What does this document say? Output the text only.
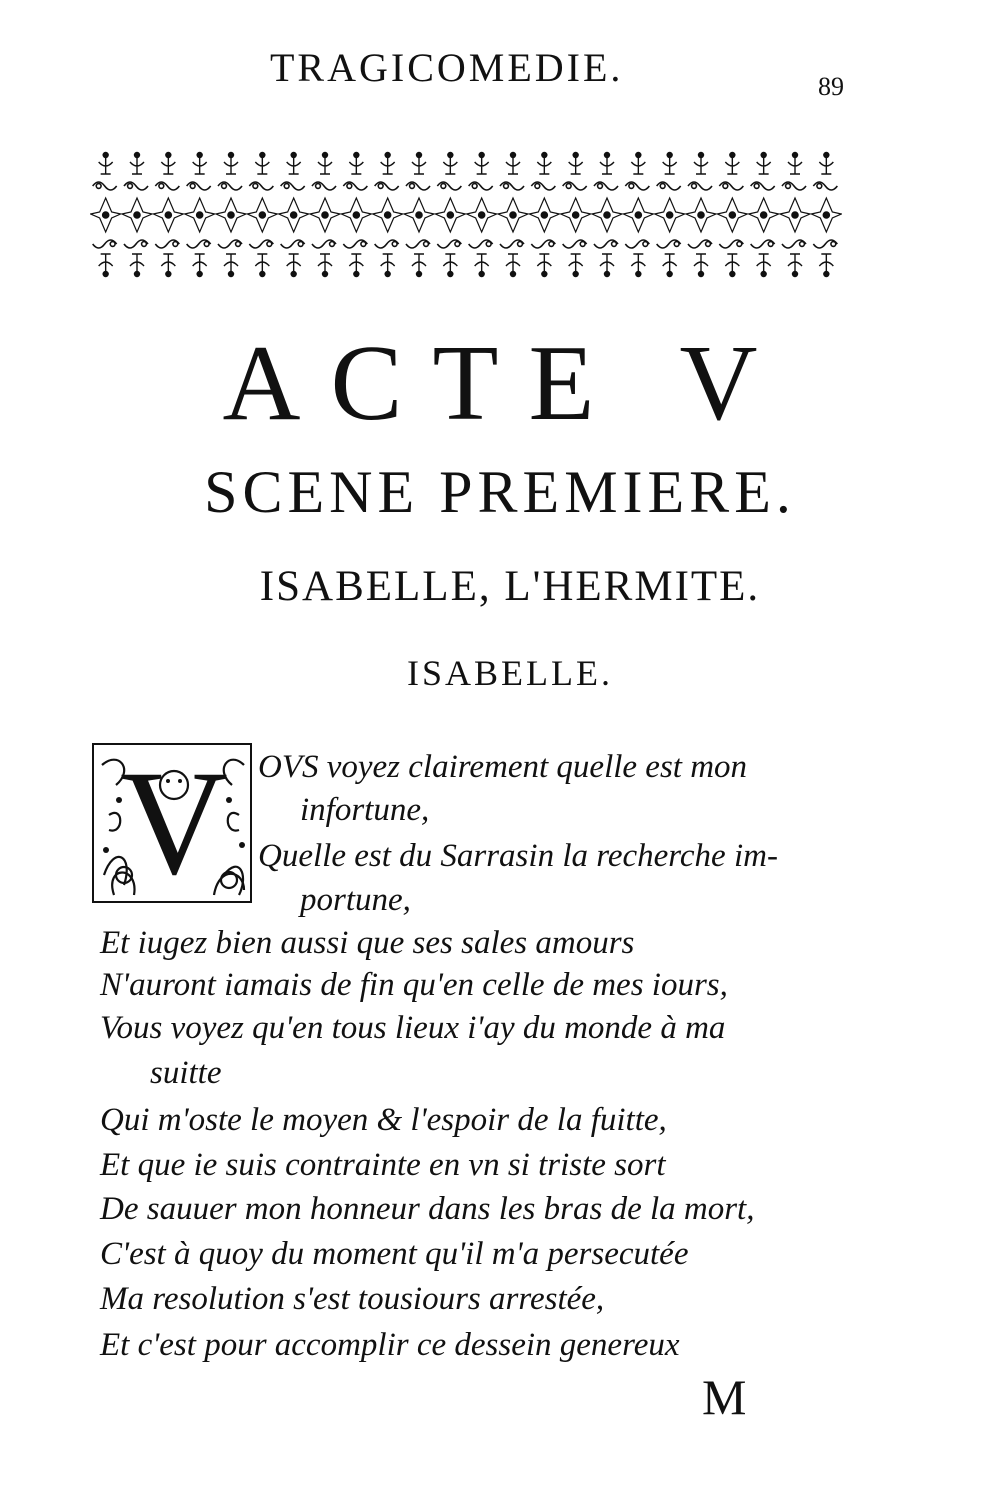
TRAGICOMEDIE.	89
ACTE V
SCENE PREMIERE.
ISABELLE, L'HERMITE.
ISABELLE.
V OVS voyez clairement quelle est mon
infortune,
Quelle est du Sarrasin la recherche im-
portune,
Et iugez bien aussi que ses sales amours
N'auront iamais de fin qu'en celle de mes iours,
Vous voyez qu'en tous lieux i'ay du monde à ma
suitte
Qui m'oste le moyen & l'espoir de la fuitte,
Et que ie suis contrainte en vn si triste sort
De sauuer mon honneur dans les bras de la mort,
C'est à quoy du moment qu'il m'a persecutée
Ma resolution s'est tousiours arrestée,
Et c'est pour accomplir ce dessein genereux
M
